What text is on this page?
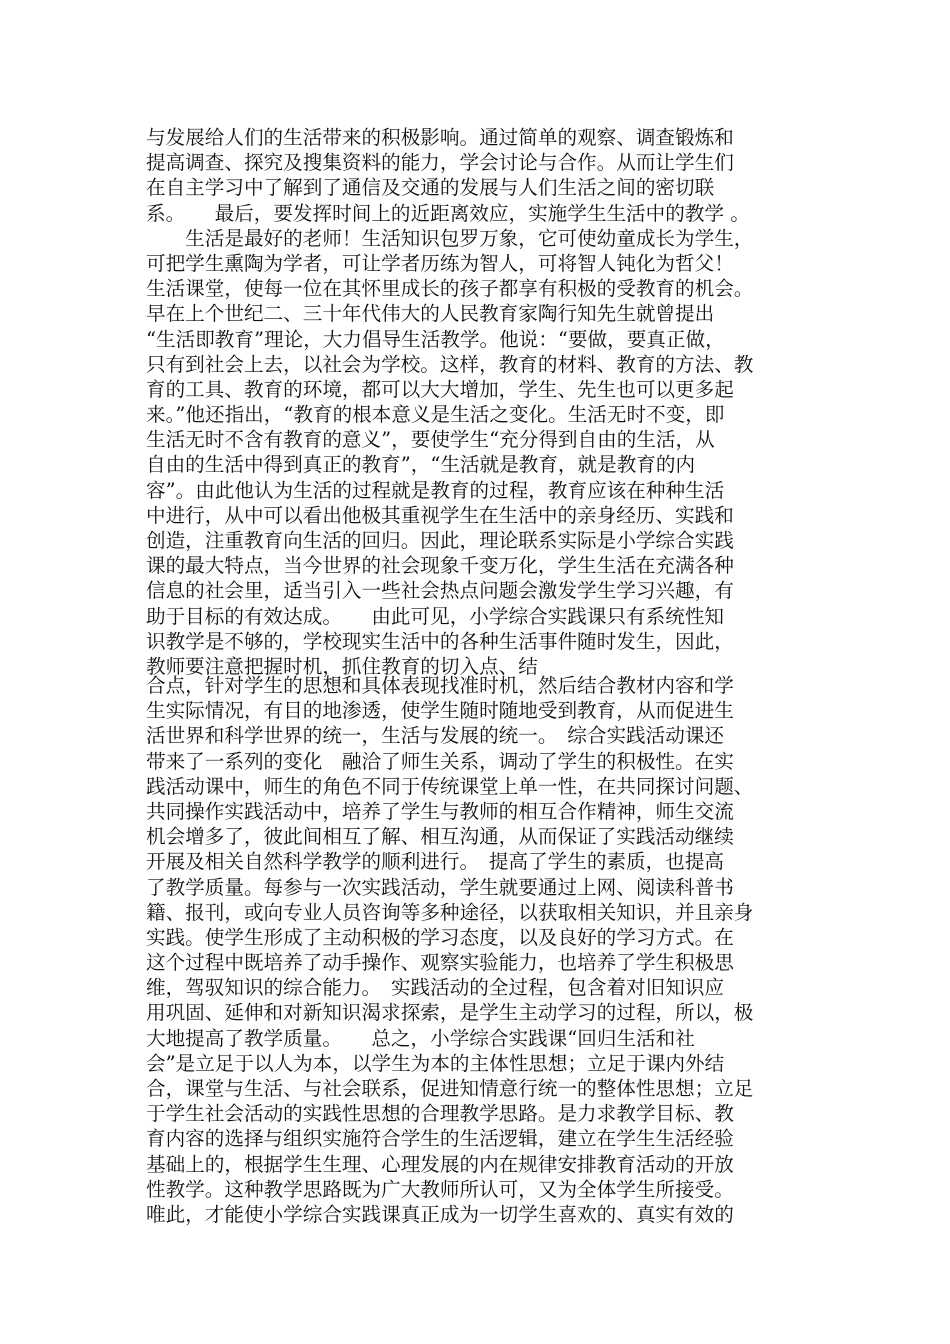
与发展给人们的生活带来的积极影响。通过简单的观察、调查锻炼和
提高调查、探究及搜集资料的能力，学会讨论与合作。从而让学生们
在自主学习中了解到了通信及交通的发展与人们生活之间的密切联
系。　　最后，要发挥时间上的近距离效应，实施学生生活中的教学 。
　　生活是最好的老师！生活知识包罗万象，它可使幼童成长为学生，
可把学生熏陶为学者，可让学者历练为智人，可将智人钝化为哲父！
生活课堂，使每一位在其怀里成长的孩子都享有积极的受教育的机会。
早在上个世纪二、三十年代伟大的人民教育家陶行知先生就曾提出
“生活即教育”理论，大力倡导生活教学。他说：“要做，要真正做，
只有到社会上去，以社会为学校。这样，教育的材料、教育的方法、教
育的工具、教育的环境，都可以大大增加，学生、先生也可以更多起
来。”他还指出，“教育的根本意义是生活之变化。生活无时不变，即
生活无时不含有教育的意义”，要使学生“充分得到自由的生活，从
自由的生活中得到真正的教育”，“生活就是教育，就是教育的内
容”。由此他认为生活的过程就是教育的过程，教育应该在种种生活
中进行，从中可以看出他极其重视学生在生活中的亲身经历、实践和
创造，注重教育向生活的回归。因此，理论联系实际是小学综合实践
课的最大特点，当今世界的社会现象千变万化，学生生活在充满各种
信息的社会里，适当引入一些社会热点问题会激发学生学习兴趣，有
助于目标的有效达成。　　由此可见，小学综合实践课只有系统性知
识教学是不够的，学校现实生活中的各种生活事件随时发生，因此，
教师要注意把握时机，抓住教育的切入点、结
合点，针对学生的思想和具体表现找准时机，然后结合教材内容和学
生实际情况，有目的地渗透，使学生随时随地受到教育，从而促进生
活世界和科学世界的统一，生活与发展的统一。　综合实践活动课还
带来了一系列的变化　融洽了师生关系，调动了学生的积极性。在实
践活动课中，师生的角色不同于传统课堂上单一性，在共同探讨问题、
共同操作实践活动中，培养了学生与教师的相互合作精神，师生交流
机会增多了，彼此间相互了解、相互沟通，从而保证了实践活动继续
开展及相关自然科学教学的顺利进行。　提高了学生的素质，也提高
了教学质量。每参与一次实践活动，学生就要通过上网、阅读科普书
籍、报刊，或向专业人员咨询等多种途径，以获取相关知识，并且亲身
实践。使学生形成了主动积极的学习态度，以及良好的学习方式。在
这个过程中既培养了动手操作、观察实验能力，也培养了学生积极思
维，驾驭知识的综合能力。　实践活动的全过程，包含着对旧知识应
用巩固、延伸和对新知识渴求探索，是学生主动学习的过程，所以，极
大地提高了教学质量。　　总之，小学综合实践课“回归生活和社
会”是立足于以人为本，以学生为本的主体性思想；立足于课内外结
合，课堂与生活、与社会联系，促进知情意行统一的整体性思想；立足
于学生社会活动的实践性思想的合理教学思路。是力求教学目标、教
育内容的选择与组织实施符合学生的生活逻辑，建立在学生生活经验
基础上的，根据学生生理、心理发展的内在规律安排教育活动的开放
性教学。这种教学思路既为广大教师所认可，又为全体学生所接受。
唯此，才能使小学综合实践课真正成为一切学生喜欢的、真实有效的
